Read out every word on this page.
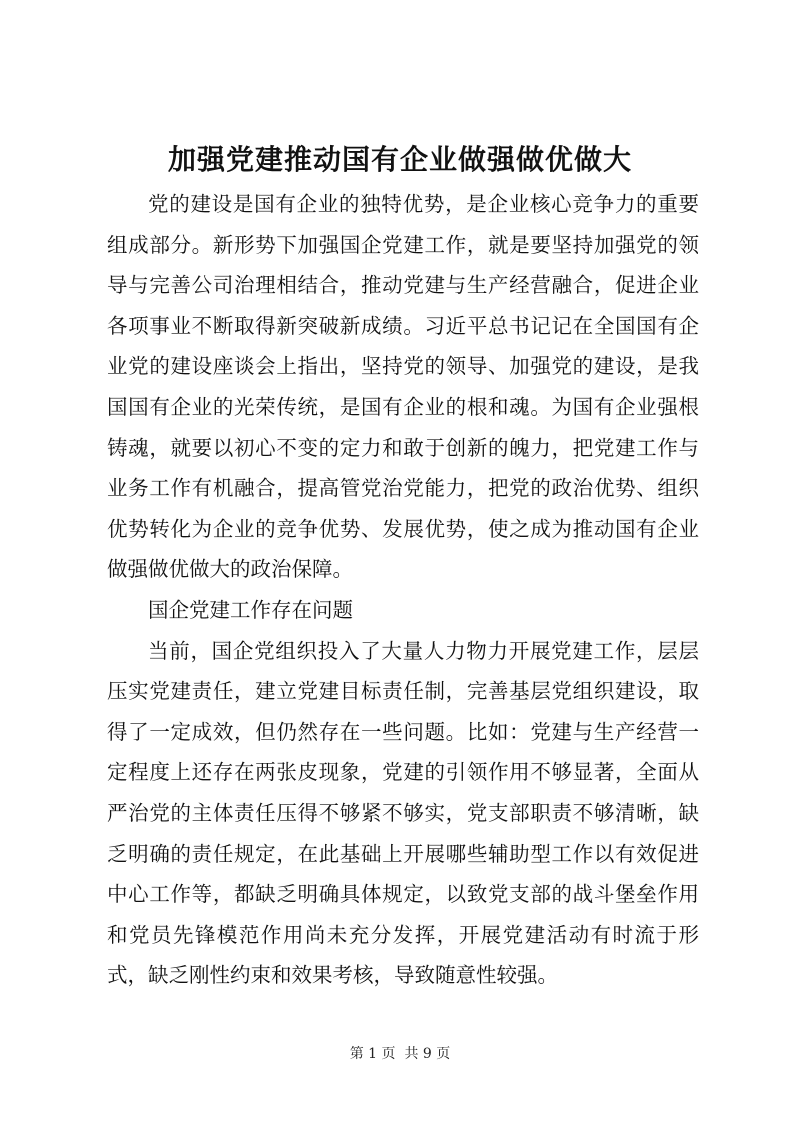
加强党建推动国有企业做强做优做大

党的建设是国有企业的独特优势，是企业核心竞争力的重要组成部分。新形势下加强国企党建工作，就是要坚持加强党的领导与完善公司治理相结合，推动党建与生产经营融合，促进企业各项事业不断取得新突破新成绩。习近平总书记记在全国国有企业党的建设座谈会上指出，坚持党的领导、加强党的建设，是我国国有企业的光荣传统，是国有企业的根和魂。为国有企业强根铸魂，就要以初心不变的定力和敢于创新的魄力，把党建工作与业务工作有机融合，提高管党治党能力，把党的政治优势、组织优势转化为企业的竞争优势、发展优势，使之成为推动国有企业做强做优做大的政治保障。

国企党建工作存在问题

当前，国企党组织投入了大量人力物力开展党建工作，层层压实党建责任，建立党建目标责任制，完善基层党组织建设，取得了一定成效，但仍然存在一些问题。比如：党建与生产经营一定程度上还存在两张皮现象，党建的引领作用不够显著，全面从严治党的主体责任压得不够紧不够实，党支部职责不够清晰，缺乏明确的责任规定，在此基础上开展哪些辅助型工作以有效促进中心工作等，都缺乏明确具体规定，以致党支部的战斗堡垒作用和党员先锋模范作用尚未充分发挥，开展党建活动有时流于形式，缺乏刚性约束和效果考核，导致随意性较强。

第 1 页  共 9 页
